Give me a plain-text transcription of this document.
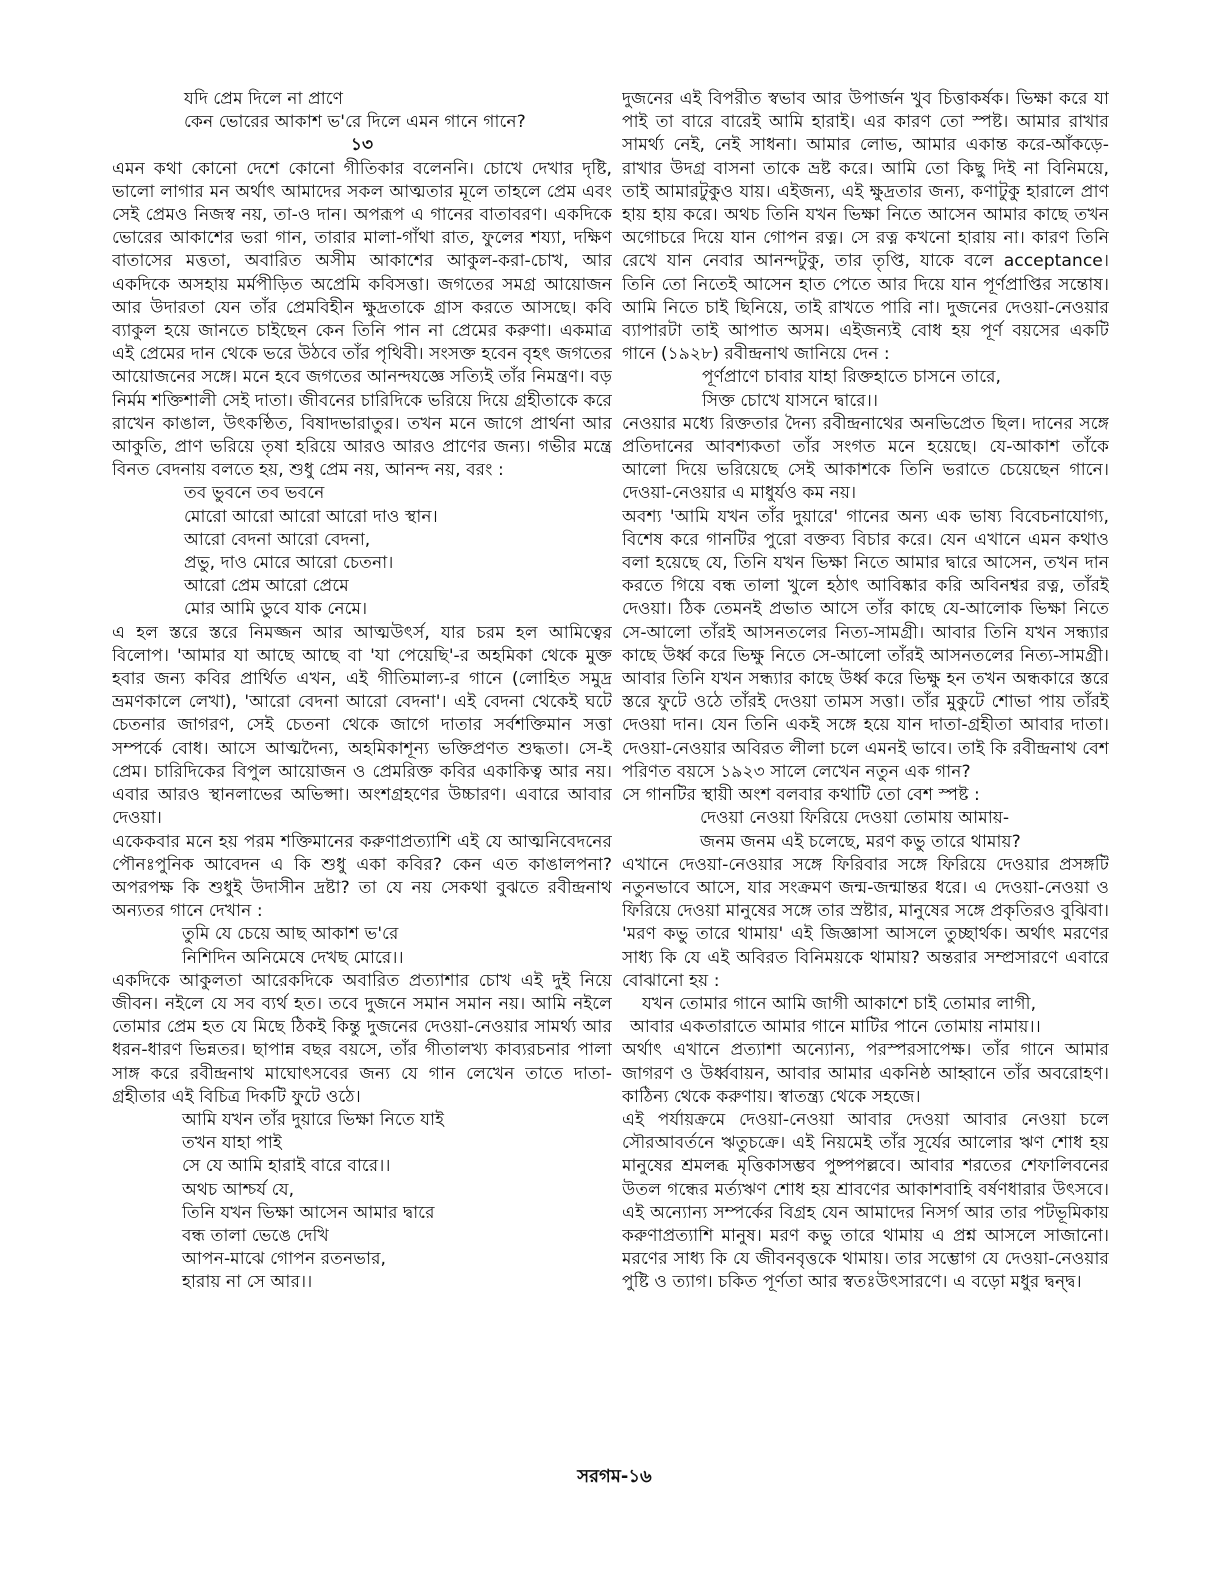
যদি প্রেম দিলে না প্রাণে
কেন ভোরের আকাশ ভ'রে দিলে এমন গানে গানে?
১৩

এমন কথা কোনো দেশে কোনো গীতিকার বলেননি। চোখে দেখার দৃষ্টি, ভালো লাগার মন অর্থাৎ আমাদের সকল আত্মতার মূলে তাহলে প্রেম এবং সেই প্রেমও নিজস্ব নয়, তা-ও দান। অপরূপ এ গানের বাতাবরণ। একদিকে ভোরের আকাশের ভরা গান, তারার মালা-গাঁথা রাত, ফুলের শয্যা, দক্ষিণ বাতাসের মত্ততা, অবারিত অসীম আকাশের আকুল-করা-চোখ, আর একদিকে অসহায় মর্মপীড়িত অপ্রেমি কবিসত্তা। জগতের সমগ্র আয়োজন আর উদারতা যেন তাঁর প্রেমবিহীন ক্ষুদ্রতাকে গ্রাস করতে আসছে। কবি ব্যাকুল হয়ে জানতে চাইছেন কেন তিনি পান না প্রেমের করুণা। একমাত্র এই প্রেমের দান থেকে ভরে উঠবে তাঁর পৃথিবী। সংসক্ত হবেন বৃহৎ জগতের আয়োজনের সঙ্গে। মনে হবে জগতের আনন্দযজ্ঞে সত্যিই তাঁর নিমন্ত্রণ। বড় নির্মম শক্তিশালী সেই দাতা। জীবনের চারিদিকে ভরিয়ে দিয়ে গ্রহীতাকে করে রাখেন কাঙাল, উৎকণ্ঠিত, বিষাদভারাতুর। তখন মনে জাগে প্রার্থনা আর আকুতি, প্রাণ ভরিয়ে তৃষা হরিয়ে আরও আরও প্রাণের জন্য। গভীর মন্ত্রে বিনত বেদনায় বলতে হয়, শুধু প্রেম নয়, আনন্দ নয়, বরং :

তব ভুবনে তব ভবনে
মোরো আরো আরো আরো দাও স্থান।
আরো বেদনা আরো বেদনা,
প্রভু, দাও মোরে আরো চেতনা।
আরো প্রেম আরো প্রেমে
মোর আমি ডুবে যাক নেমে।

এ হল স্তরে স্তরে নিমজ্জন আর আত্মউৎর্স, যার চরম হল আমিত্বের বিলোপ। 'আমার যা আছে আছে বা 'যা পেয়েছি'-র অহমিকা থেকে মুক্ত হবার জন্য কবির প্রার্থিত এখন, এই গীতিমাল্য-র গানে (লোহিত সমুদ্র ভ্রমণকালে লেখা), 'আরো বেদনা আরো বেদনা'। এই বেদনা থেকেই ঘটে চেতনার জাগরণ, সেই চেতনা থেকে জাগে দাতার সর্বশক্তিমান সত্তা সম্পর্কে বোধ। আসে আত্মদৈন্য, অহমিকাশূন্য ভক্তিপ্রণত শুদ্ধতা। সে-ই প্রেম। চারিদিকের বিপুল আয়োজন ও প্রেমরিক্ত কবির একাকিত্ব আর নয়। এবার আরও স্থানলাভের অভিপ্সা। অংশগ্রহণের উচ্চারণ। এবারে আবার দেওয়া।

একেকবার মনে হয় পরম শক্তিমানের করুণাপ্রত্যাশি এই যে আত্মনিবেদনের পৌনঃপুনিক আবেদন এ কি শুধু একা কবির? কেন এত কাঙালপনা? অপরপক্ষ কি শুধুই উদাসীন দ্রষ্টা? তা যে নয় সেকথা বুঝতে রবীন্দ্রনাথ অন্যতর গানে দেখান :

তুমি যে চেয়ে আছ আকাশ ভ'রে
নিশিদিন অনিমেষে দেখছ মোরে।।

একদিকে আকুলতা আরেকদিকে অবারিত প্রত্যাশার চোখ এই দুই নিয়ে জীবন। নইলে যে সব ব্যর্থ হত। তবে দুজনে সমান সমান নয়। আমি নইলে তোমার প্রেম হত যে মিছে ঠিকই কিন্তু দুজনের দেওয়া-নেওয়ার সামর্থ্য আর ধরন-ধারণ ভিন্নতর। ছাপান্ন বছর বয়সে, তাঁর গীতালখ্য কাব্যরচনার পালা সাঙ্গ করে রবীন্দ্রনাথ মাঘোৎসবের জন্য যে গান লেখেন তাতে দাতা-গ্রহীতার এই বিচিত্র দিকটি ফুটে ওঠে।

আমি যখন তাঁর দুয়ারে ভিক্ষা নিতে যাই
তখন যাহা পাই
সে যে আমি হারাই বারে বারে।।
অথচ আশ্চর্য যে,
তিনি যখন ভিক্ষা আসেন আমার দ্বারে
বন্ধ তালা ভেঙে দেখি
আপন-মাঝে গোপন রতনভার,
হারায় না সে আর।।

দুজনের এই বিপরীত স্বভাব আর উপার্জন খুব চিত্তাকর্ষক। ভিক্ষা করে যা পাই তা বারে বারেই আমি হারাই। এর কারণ তো স্পষ্ট। আমার রাখার সামর্থ্য নেই, নেই সাধনা। আমার লোভ, আমার একান্ত করে-আঁকড়ে-রাখার উদগ্র বাসনা তাকে ভ্রষ্ট করে। আমি তো কিছু দিই না বিনিময়ে, তাই আমারটুকুও যায়। এইজন্য, এই ক্ষুদ্রতার জন্য, কণাটুকু হারালে প্রাণ হায় হায় করে। অথচ তিনি যখন ভিক্ষা নিতে আসেন আমার কাছে তখন অগোচরে দিয়ে যান গোপন রত্ন। সে রত্ন কখনো হারায় না। কারণ তিনি রেখে যান নেবার আনন্দটুকু, তার তৃপ্তি, যাকে বলে acceptance। তিনি তো নিতেই আসেন হাত পেতে আর দিয়ে যান পূর্ণপ্রাপ্তির সন্তোষ। আমি নিতে চাই ছিনিয়ে, তাই রাখতে পারি না। দুজনের দেওয়া-নেওয়ার ব্যাপারটা তাই আপাত অসম। এইজন্যই বোধ হয় পূর্ণ বয়সের একটি গানে (১৯২৮) রবীন্দ্রনাথ জানিয়ে দেন :

পূর্ণপ্রাণে চাবার যাহা রিক্তহাতে চাসনে তারে,
সিক্ত চোখে যাসনে দ্বারে।।

নেওয়ার মধ্যে রিক্ততার দৈন্য রবীন্দ্রনাথের অনভিপ্রেত ছিল। দানের সঙ্গে প্রতিদানের আবশ্যকতা তাঁর সংগত মনে হয়েছে। যে-আকাশ তাঁকে আলো দিয়ে ভরিয়েছে সেই আকাশকে তিনি ভরাতে চেয়েছেন গানে। দেওয়া-নেওয়ার এ মাধুর্যও কম নয়।

অবশ্য 'আমি যখন তাঁর দুয়ারে' গানের অন্য এক ভাষ্য বিবেচনাযোগ্য, বিশেষ করে গানটির পুরো বক্তব্য বিচার করে। যেন এখানে এমন কথাও বলা হয়েছে যে, তিনি যখন ভিক্ষা নিতে আমার দ্বারে আসেন, তখন দান করতে গিয়ে বন্ধ তালা খুলে হঠাৎ আবিষ্কার করি অবিনশ্বর রত্ন, তাঁরই দেওয়া। ঠিক তেমনই প্রভাত আসে তাঁর কাছে যে-আলোক ভিক্ষা নিতে সে-আলো তাঁরই আসনতলের নিত্য-সামগ্রী। আবার তিনি যখন সন্ধ্যার কাছে উর্ধ্ব করে ভিক্ষু নিতে সে-আলো তাঁরই আসনতলের নিত্য-সামগ্রী। আবার তিনি যখন সন্ধ্যার কাছে উর্ধ্ব করে ভিক্ষু হন তখন অন্ধকারে স্তরে স্তরে ফুটে ওঠে তাঁরই দেওয়া তামস সত্তা। তাঁর মুকুটে শোভা পায় তাঁরই দেওয়া দান। যেন তিনি একই সঙ্গে হয়ে যান দাতা-গ্রহীতা আবার দাতা। দেওয়া-নেওয়ার অবিরত লীলা চলে এমনই ভাবে। তাই কি রবীন্দ্রনাথ বেশ পরিণত বয়সে ১৯২৩ সালে লেখেন নতুন এক গান?

সে গানটির স্থায়ী অংশ বলবার কথাটি তো বেশ স্পষ্ট :

দেওয়া নেওয়া ফিরিয়ে দেওয়া তোমায় আমায়-
জনম জনম এই চলেছে, মরণ কভু তারে থামায়?

এখানে দেওয়া-নেওয়ার সঙ্গে ফিরিবার সঙ্গে ফিরিয়ে দেওয়ার প্রসঙ্গটি নতুনভাবে আসে, যার সংক্রমণ জন্ম-জন্মান্তর ধরে। এ দেওয়া-নেওয়া ও ফিরিয়ে দেওয়া মানুষের সঙ্গে তার স্রষ্টার, মানুষের সঙ্গে প্রকৃতিরও বুঝিবা। 'মরণ কভু তারে থামায়' এই জিজ্ঞাসা আসলে তুচ্ছার্থক। অর্থাৎ মরণের সাধ্য কি যে এই অবিরত বিনিময়কে থামায়? অন্তরার সম্প্রসারণে এবারে বোঝানো হয় :

যখন তোমার গানে আমি জাগী আকাশে চাই তোমার লাগী,
আবার একতারাতে আমার গানে মাটির পানে তোমায় নামায়।।

অর্থাৎ এখানে প্রত্যাশা অন্যোন্য, পরস্পরসাপেক্ষ। তাঁর গানে আমার জাগরণ ও উর্ধ্ববায়ন, আবার আমার একনিষ্ঠ আহ্বানে তাঁর অবরোহণ। কাঠিন্য থেকে করুণায়। স্বাতন্ত্র্য থেকে সহজে।

এই পর্যায়ক্রমে দেওয়া-নেওয়া আবার দেওয়া আবার নেওয়া চলে সৌরআবর্তনে ঋতুচক্রে। এই নিয়মেই তাঁর সূর্যের আলোর ঋণ শোধ হয় মানুষের শ্রমলব্ধ মৃত্তিকাসম্ভব পুষ্পপল্লবে। আবার শরতের শেফালিবনের উতল গন্ধের মর্ত্যঋণ শোধ হয় শ্রাবণের আকাশবাহি বর্ষণধারার উৎসবে। এই অন্যোন্য সম্পর্কের বিগ্রহ যেন আমাদের নিসর্গ আর তার পটভূমিকায় করুণাপ্রত্যাশি মানুষ। মরণ কভু তারে থামায় এ প্রশ্ন আসলে সাজানো। মরণের সাধ্য কি যে জীবনবৃত্তকে থামায়। তার সম্ভোগ যে দেওয়া-নেওয়ার পুষ্টি ও ত্যাগ। চকিত পূর্ণতা আর স্বতঃউৎসারণে। এ বড়ো মধুর দ্বন্দ্ব।

সরগম-১৬
